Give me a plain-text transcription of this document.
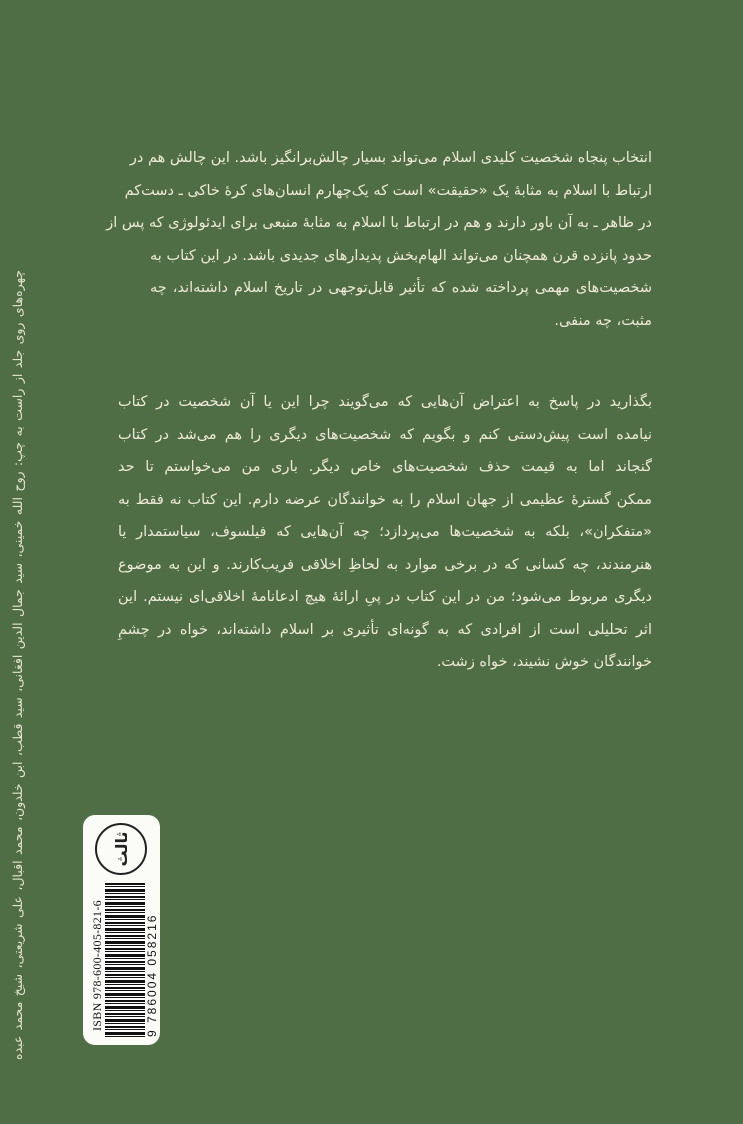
انتخاب پنجاه شخصیت کلیدی اسلام می‌تواند بسیار چالش‌برانگیز باشد. این چالش هم در
ارتباط با اسلام به مثابهٔ یک «حقیقت» است که یک‌چهارم انسان‌های کرهٔ خاکی ـ دست‌کم
در ظاهر ـ به آن باور دارند و هم در ارتباط با اسلام به مثابهٔ منبعی برای ایدئولوژی که پس از
حدود پانزده قرن همچنان می‌تواند الهام‌بخش پدیدارهای جدیدی باشد. در این کتاب به
شخصیت‌های مهمی پرداخته شده که تأثیر قابل‌توجهی در تاریخ اسلام داشته‌اند، چه
مثبت، چه منفی.
بگذارید در پاسخ به اعتراض آن‌هایی که می‌گویند چرا این یا آن شخصیت در کتاب
نیامده است پیش‌دستی کنم و بگویم که شخصیت‌های دیگری را هم می‌شد در کتاب
گنجاند اما به قیمت حذف شخصیت‌های خاص دیگر. باری من می‌خواستم تا حد
ممکن گسترهٔ عظیمی از جهان اسلام را به خوانندگان عرضه دارم. این کتاب نه فقط به
«متفکران»، بلکه به شخصیت‌ها می‌پردازد؛ چه آن‌هایی که فیلسوف، سیاستمدار یا
هنرمندند، چه کسانی که در برخی موارد به لحاظِ اخلاقی فریب‌کارند. و این به موضوع
دیگری مربوط می‌شود؛ من در این کتاب در پیِ ارائهٔ هیچ ادعانامهٔ اخلاقی‌ای نیستم. این
اثر تحلیلی است از افرادی که به گونه‌ای تأثیری بر اسلام داشته‌اند، خواه در چشمِ
خوانندگان خوش نشیند، خواه زشت.
چهره‌های روی جلد از راست به چپ: روح الله خمینی، سید جمال الدین افغانی، سید قطب، ابن خلدون، محمد اقبال، علی شریعتی، شیخ محمد عبده	ثالث
ISBN 978-600-405-821-6	9 786004 058216
